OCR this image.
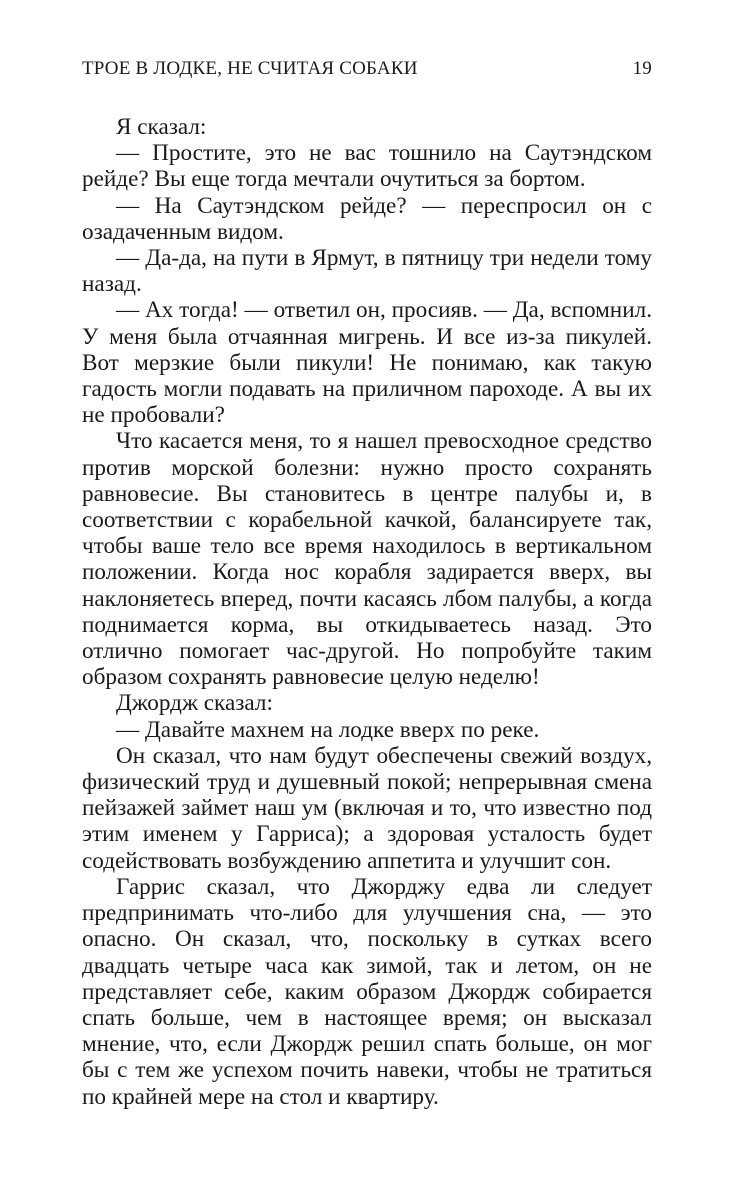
ТРОЕ В ЛОДКЕ, НЕ СЧИТАЯ СОБАКИ	19

Я сказал:

— Простите, это не вас тошнило на Саутэндском рейде? Вы еще тогда мечтали очутиться за бортом.

— На Саутэндском рейде? — переспросил он с озадаченным видом.

— Да-да, на пути в Ярмут, в пятницу три недели тому назад.

— Ах тогда! — ответил он, просияв. — Да, вспомнил. У меня была отчаянная мигрень. И все из-за пикулей. Вот мерзкие были пикули! Не понимаю, как такую гадость могли подавать на приличном пароходе. А вы их не пробовали?

Что касается меня, то я нашел превосходное средство против морской болезни: нужно просто сохранять равновесие. Вы становитесь в центре палубы и, в соответствии с корабельной качкой, балансируете так, чтобы ваше тело все время находилось в вертикальном положении. Когда нос корабля задирается вверх, вы наклоняетесь вперед, почти касаясь лбом палубы, а когда поднимается корма, вы откидываетесь назад. Это отлично помогает час-другой. Но попробуйте таким образом сохранять равновесие целую неделю!

Джордж сказал:

— Давайте махнем на лодке вверх по реке.

Он сказал, что нам будут обеспечены свежий воздух, физический труд и душевный покой; непрерывная смена пейзажей займет наш ум (включая и то, что известно под этим именем у Гарриса); а здоровая усталость будет содействовать возбуждению аппетита и улучшит сон.

Гаррис сказал, что Джорджу едва ли следует предпринимать что-либо для улучшения сна, — это опасно. Он сказал, что, поскольку в сутках всего двадцать четыре часа как зимой, так и летом, он не представляет себе, каким образом Джордж собирается спать больше, чем в настоящее время; он высказал мнение, что, если Джордж решил спать больше, он мог бы с тем же успехом почить навеки, чтобы не тратиться по крайней мере на стол и квартиру.
